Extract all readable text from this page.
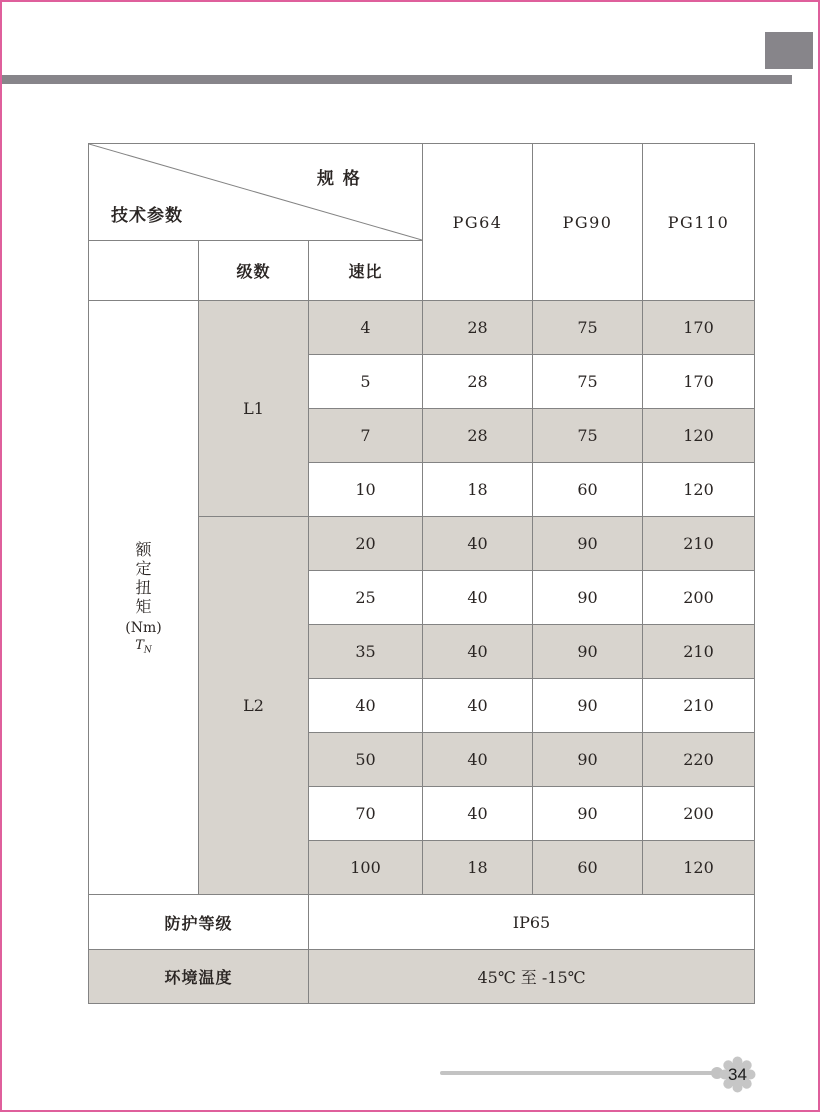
规 格
技术参数			PG64	PG90	PG110
	级数	速比			

额
定
扭
矩
(Nm)
$T_N$
	L1	4	28	75	170
		5	28	75	170
		7	28	75	120
		10	18	60	120
	L2	20	40	90	210
		25	40	90	200
		35	40	90	210
		40	40	90	210
		50	40	90	220
		70	40	90	200
		100	18	60	120
防护等级		IP65			
环境温度		45℃ 至 -15℃			
34
